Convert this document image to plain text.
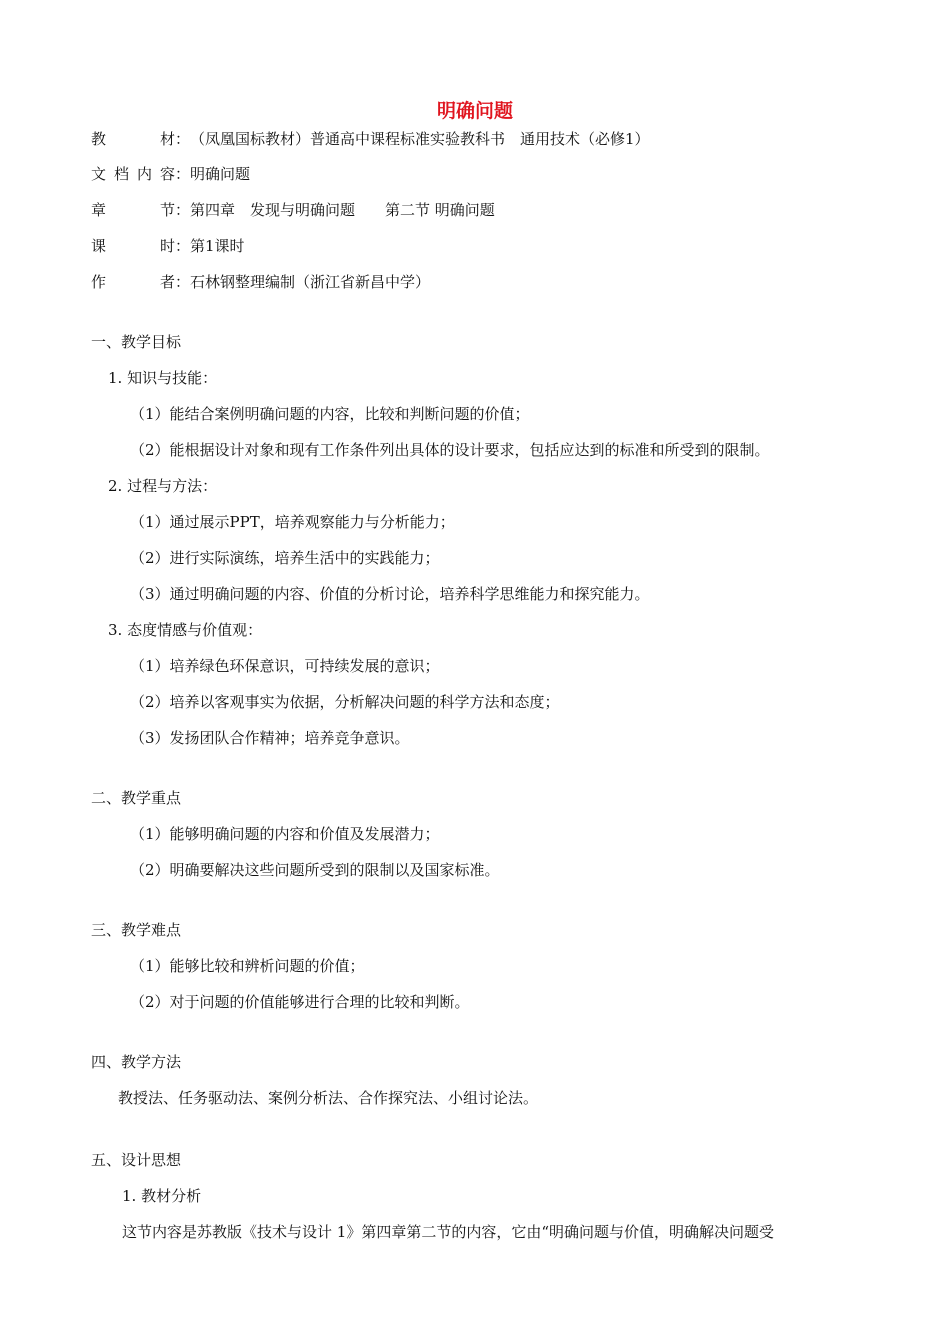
明确问题
教　　材：（凤凰国标教材）普通高中课程标准实验教科书　通用技术（必修1）
文档内容：明确问题
章　　节：第四章　发现与明确问题　　第二节 明确问题
课　　时：第1课时
作　　者：石林钢整理编制（浙江省新昌中学）
一、教学目标
1. 知识与技能：
（1）能结合案例明确问题的内容，比较和判断问题的价值；
（2）能根据设计对象和现有工作条件列出具体的设计要求，包括应达到的标准和所受到的限制。
2. 过程与方法：
（1）通过展示PPT，培养观察能力与分析能力；
（2）进行实际演练，培养生活中的实践能力；
（3）通过明确问题的内容、价值的分析讨论，培养科学思维能力和探究能力。
3. 态度情感与价值观：
（1）培养绿色环保意识，可持续发展的意识；
（2）培养以客观事实为依据，分析解决问题的科学方法和态度；
（3）发扬团队合作精神；培养竞争意识。
二、教学重点
（1）能够明确问题的内容和价值及发展潜力；
（2）明确要解决这些问题所受到的限制以及国家标准。
三、教学难点
（1）能够比较和辨析问题的价值；
（2）对于问题的价值能够进行合理的比较和判断。
四、教学方法
教授法、任务驱动法、案例分析法、合作探究法、小组讨论法。
五、设计思想
1. 教材分析
这节内容是苏教版《技术与设计 1》第四章第二节的内容，它由“明确问题与价值，明确解决问题受
